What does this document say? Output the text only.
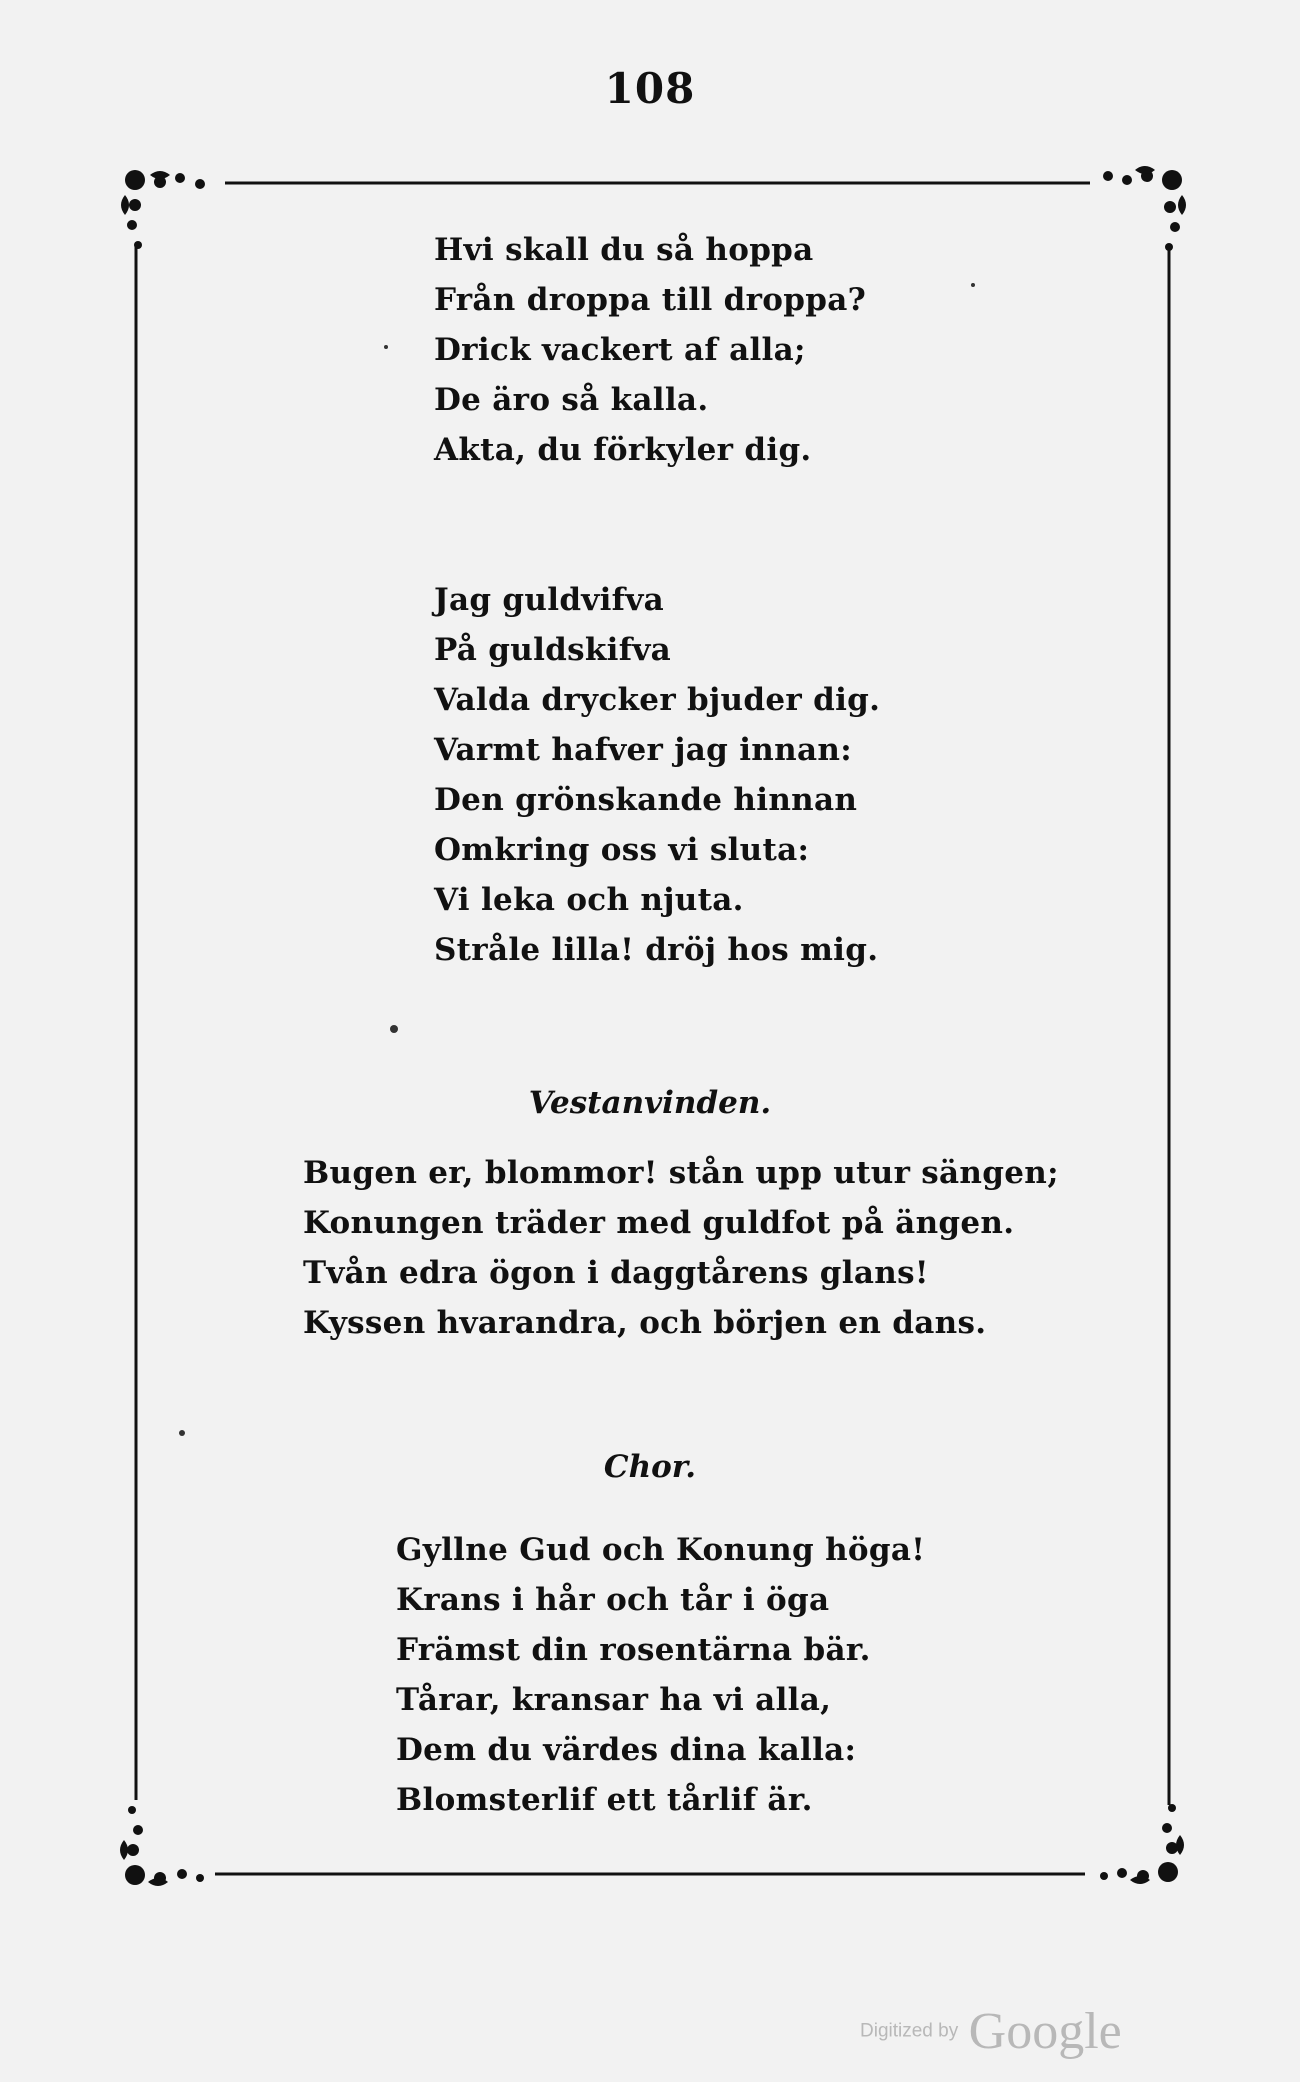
108
Hvi skall du så hoppa
Från droppa till droppa?
Drick vackert af alla;
De äro så kalla.
Akta, du förkyler dig.
Jag guldvifva
På guldskifva
Valda drycker bjuder dig.
Varmt hafver jag innan:
Den grönskande hinnan
Omkring oss vi sluta:
Vi leka och njuta.
Stråle lilla! dröj hos mig.
Vestanvinden.
Bugen er, blommor! stån upp utur sängen;
Konungen träder med guldfot på ängen.
Tvån edra ögon i daggtårens glans!
Kyssen hvarandra, och börjen en dans.
Chor.
Gyllne Gud och Konung höga!
Krans i hår och tår i öga
Främst din rosentärna bär.
Tårar, kransar ha vi alla,
Dem du värdes dina kalla:
Blomsterlif ett tårlif är.
Digitized by Google
